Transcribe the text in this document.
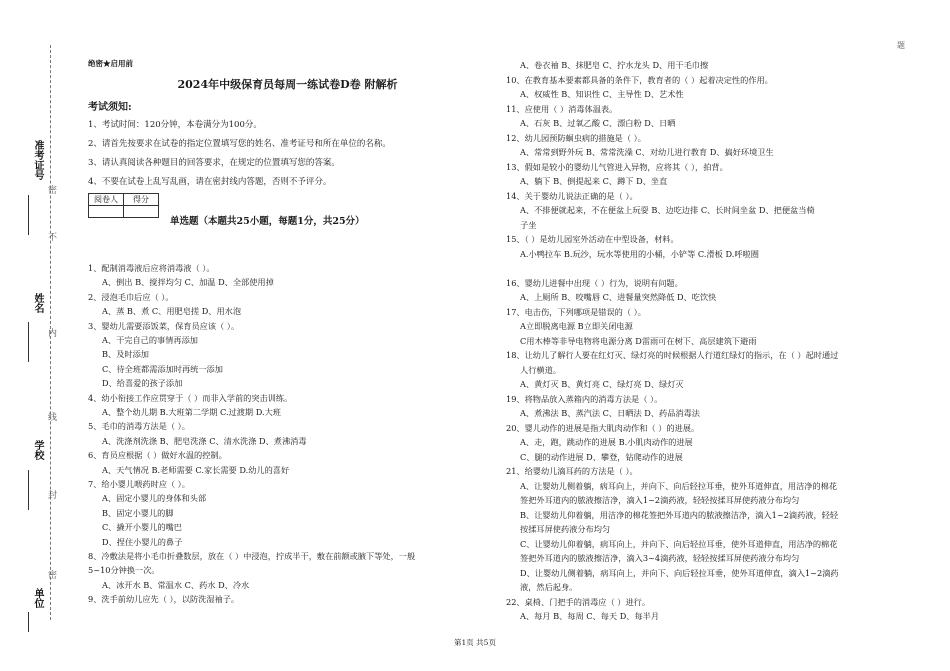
密
内
线
封
密
不
准考证号
姓名
学校
单位
题
绝密★启用前
2024年中级保育员每周一练试卷D卷 附解析
考试须知:
1、考试时间：120分钟，本卷满分为100分。
2、请首先按要求在试卷的指定位置填写您的姓名、准考证号和所在单位的名称。
3、请认真阅读各种题目的回答要求，在规定的位置填写您的答案。
4、不要在试卷上乱写乱画，请在密封线内答题，否则不予评分。
阅卷人	得分

单选题（本题共25小题，每题1分，共25分）
1、配制消毒液后应将消毒液（ ）。
A、倒出 B、搅拌均匀 C、加温 D、全部使用掉
2、浸泡毛巾后应（ ）。
A、蒸 B、煮 C、用肥皂搓 D、用水泡
3、婴幼儿需要添饭菜，保育员应该（ ）。
A、干完自己的事情再添加
B、及时添加
C、待全班都需添加时再统一添加
D、给喜爱的孩子添加
4、幼小衔接工作应贯穿于（ ）而非入学前的突击训练。
A、整个幼儿期 B.大班第二学期 C.过渡期 D.大班
5、毛巾的消毒方法是（ ）。
A、洗涤剂洗涤 B、肥皂洗涤 C、清水洗涤 D、煮沸消毒
6、育员应根据（ ）做好水温的控制。
A、天气情况 B.老师需要 C.家长需要 D.幼儿的喜好
7、给小婴儿喂药时应（ ）。
A、固定小婴儿的身体和头部
B、固定小婴儿的脚
C、撬开小婴儿的嘴巴
D、捏住小婴儿的鼻子
8、冷敷法是将小毛巾折叠数层，放在（ ）中浸泡，拧成半干，敷在前额或腋下等处，一般
5~10分钟换一次。
A、冰开水 B、常温水 C、药水 D、冷水
9、洗手前幼儿应先（ ），以防洗湿袖子。
A、卷衣袖 B、抹肥皂 C、拧水龙头 D、用干毛巾擦
10、在教育基本要素都具备的条件下，教育者的（ ）起着决定性的作用。
A、权威性 B、知识性 C、主导性 D、艺术性
11、应使用（ ）消毒体温表。
A、石灰 B、过氧乙酸 C、漂白粉 D、日晒
12、幼儿园预防蛔虫病的措施是（ ）。
A、常常到野外玩 B、常常洗澡 C、对幼儿进行教育 D、搞好环境卫生
13、假如是较小的婴幼儿气管进入异物，应将其（ ），拍背。
A、躺下 B、倒提起来 C、蹲下 D、坐直
14、关于婴幼儿说法正确的是（ ）。
A、不排便就起来，不在便盆上玩耍 B、边吃边排 C、长时间坐盆 D、把便盆当椅
子坐
15、（ ）是幼儿园室外活动在中型设备，材料。
A.小鸭拉车 B.玩沙，玩水等使用的小桶，小铲等 C.滑板 D.呼啦圈
16、婴幼儿进餐中出现（ ）行为，说明有问题。
A、上厕所 B、咬嘴唇 C、进餐量突然降低 D、吃饮快
17、电击伤，下列哪项是错误的（ ）。
A立即脱离电源 B立即关闭电源
C用木棒等非导电物将电源分离 D雷雨可在树下、高层建筑下避雨
18、让幼儿了解行人要在红灯灭、绿灯亮的时候根据人行道红绿灯的指示，在（ ）起时通过
人行横道。
A、黄灯灭 B、黄灯亮 C、绿灯亮 D、绿灯灭
19、将物品放入蒸箱内的消毒方法是（ ）。
A、煮沸法 B、蒸汽法 C、日晒法 D、药品消毒法
20、婴儿动作的进展是指大肌肉动作和（ ）的进展。
A、走，跑，跳动作的进展 B.小肌肉动作的进展
C、腿的动作进展 D、攀登，钻爬动作的进展
21、给婴幼儿滴耳药的方法是（ ）。
A、让婴幼儿侧着躺，病耳向上，并向下、向后轻拉耳垂，使外耳道伸直，用洁净的棉花
签把外耳道内的脓液擦洁净，滴入1~2滴药液，轻轻按揉耳屏使药液分布均匀
B、让婴幼儿仰着躺，用洁净的棉花签把外耳道内的脓液擦洁净，滴入1~2滴药液，轻轻
按揉耳屏使药液分布均匀
C、让婴幼儿仰着躺，病耳向上，并向下、向后轻拉耳垂，使外耳道伸直，用洁净的棉花
签把外耳道内的脓液擦洁净，滴入3~4滴药液，轻轻按揉耳屏使药液分布均匀
D、让婴幼儿侧着躺，病耳向上，并向下、向后轻拉耳垂，使外耳道伸直，滴入1~2滴药
液，然后起身。
22、桌椅、门把手的消毒应（ ）进行。
A、每月 B、每周 C、每天 D、每半月
第1页 共5页
